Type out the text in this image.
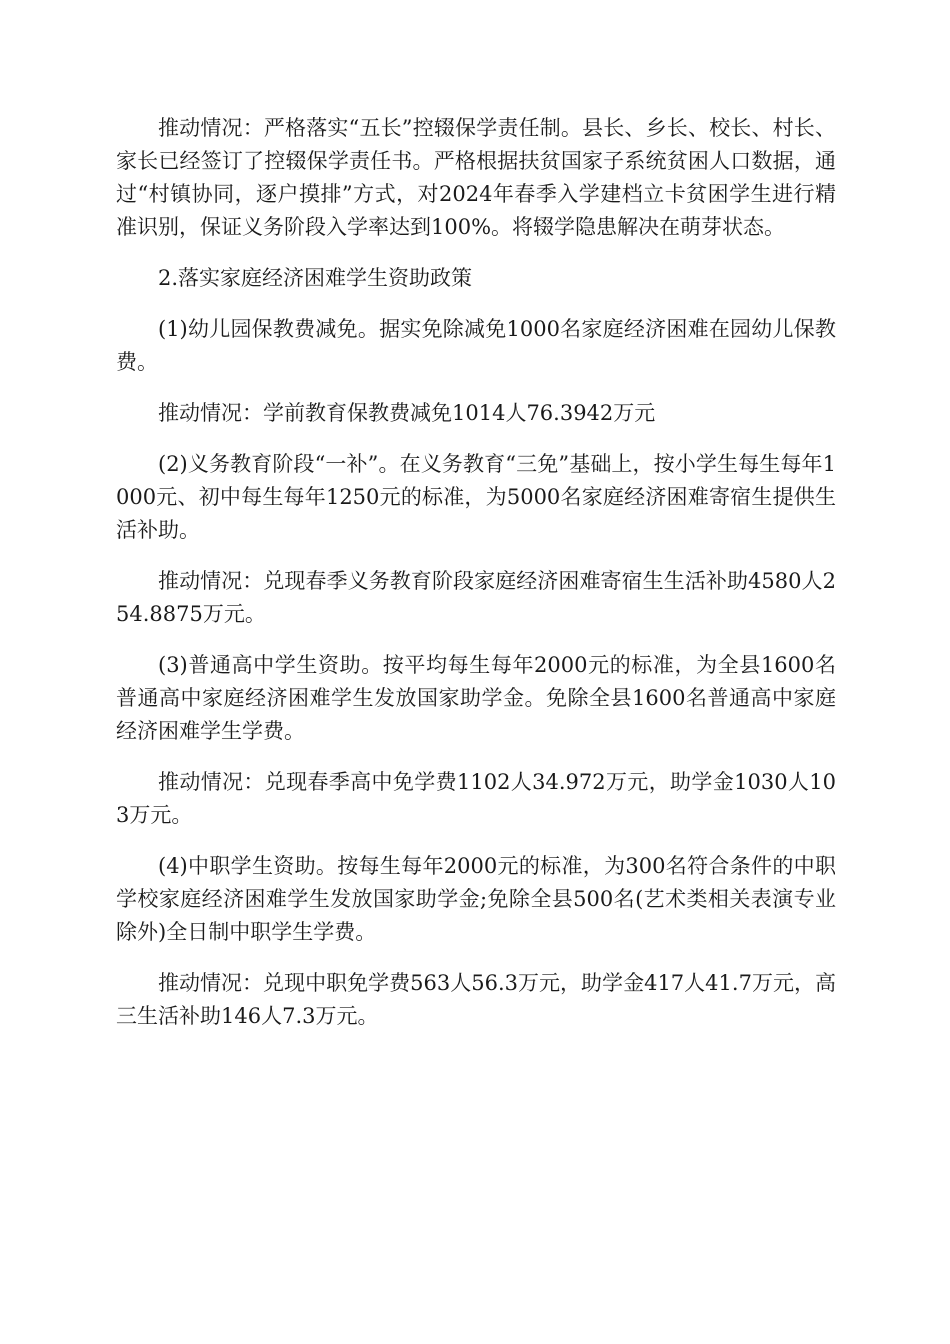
推动情况：严格落实“五长”控辍保学责任制。县长、乡长、校长、村长、家长已经签订了控辍保学责任书。严格根据扶贫国家子系统贫困人口数据，通过“村镇协同，逐户摸排”方式，对2024年春季入学建档立卡贫困学生进行精准识别，保证义务阶段入学率达到100%。将辍学隐患解决在萌芽状态。

2.落实家庭经济困难学生资助政策

(1)幼儿园保教费减免。据实免除减免1000名家庭经济困难在园幼儿保教费。

推动情况：学前教育保教费减免1014人76.3942万元

(2)义务教育阶段“一补”。在义务教育“三免”基础上，按小学生每生每年1000元、初中每生每年1250元的标准，为5000名家庭经济困难寄宿生提供生活补助。

推动情况：兑现春季义务教育阶段家庭经济困难寄宿生生活补助4580人254.8875万元。

(3)普通高中学生资助。按平均每生每年2000元的标准，为全县1600名普通高中家庭经济困难学生发放国家助学金。免除全县1600名普通高中家庭经济困难学生学费。

推动情况：兑现春季高中免学费1102人34.972万元，助学金1030人103万元。

(4)中职学生资助。按每生每年2000元的标准，为300名符合条件的中职学校家庭经济困难学生发放国家助学金;免除全县500名(艺术类相关表演专业除外)全日制中职学生学费。

推动情况：兑现中职免学费563人56.3万元，助学金417人41.7万元，高三生活补助146人7.3万元。
